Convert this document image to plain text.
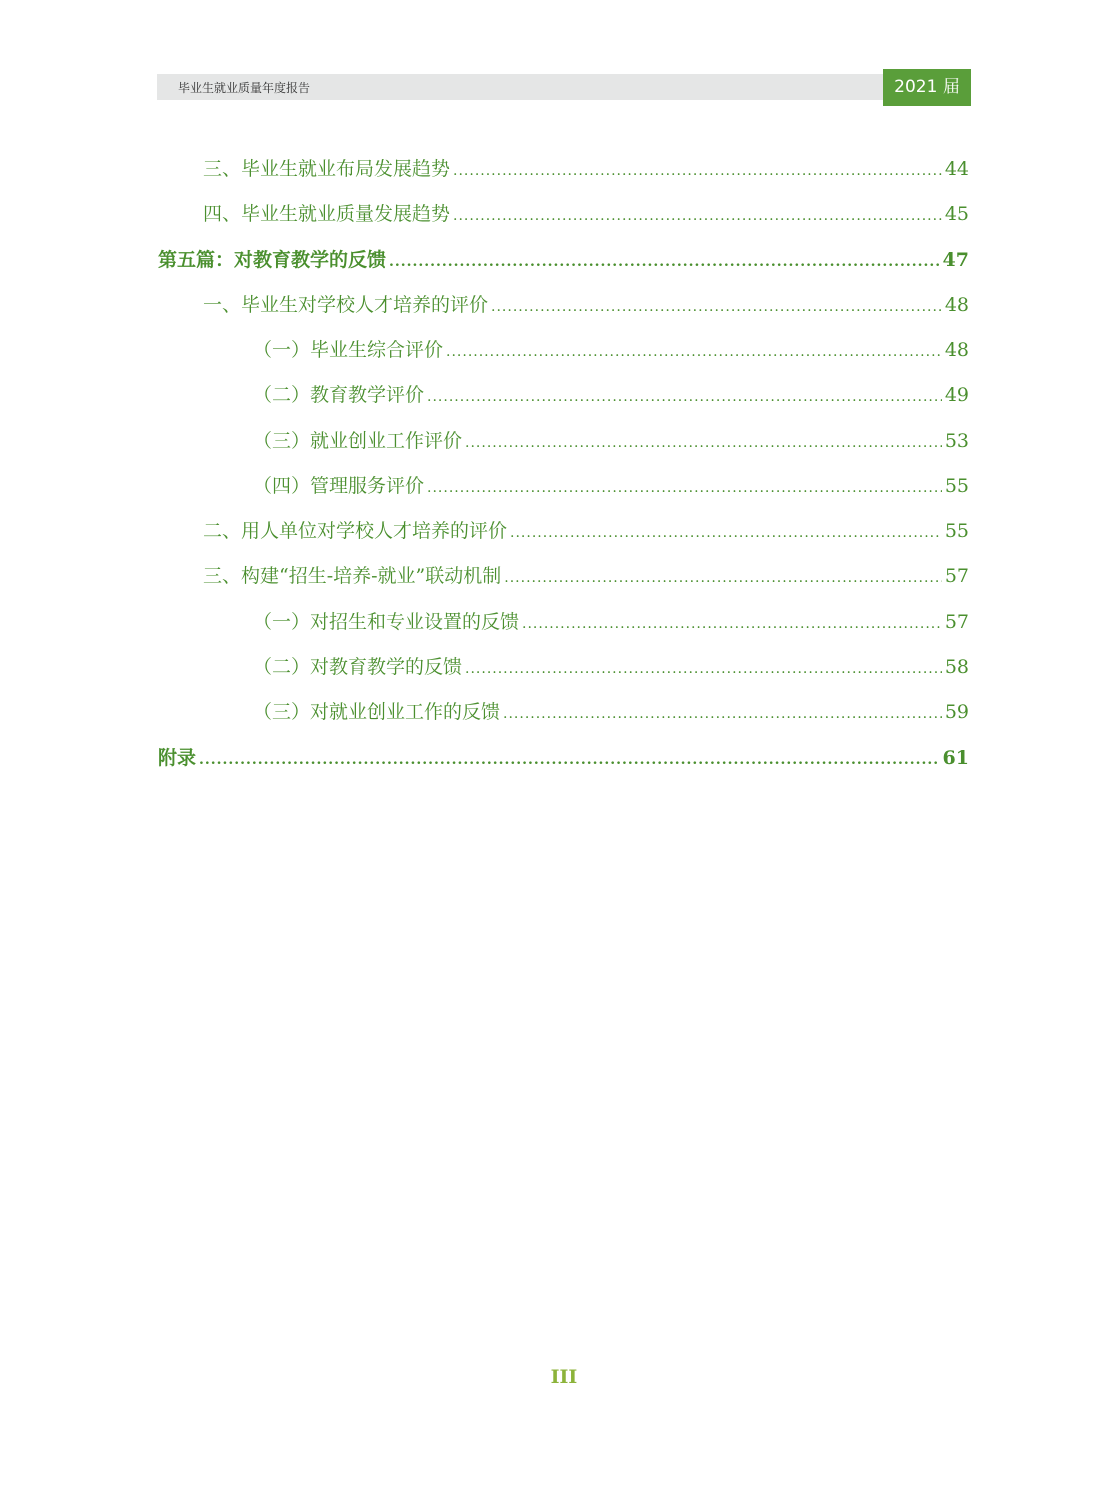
毕业生就业质量年度报告	2021 届
三、毕业生就业布局发展趋势 .....	44
四、毕业生就业质量发展趋势 .....	45
第五篇：对教育教学的反馈 .....	47
一、毕业生对学校人才培养的评价 .....	48
（一）毕业生综合评价 .....	48
（二）教育教学评价 .....	49
（三）就业创业工作评价 .....	53
（四）管理服务评价 .....	55
二、用人单位对学校人才培养的评价 .....	55
三、构建“招生-培养-就业”联动机制 .....	57
（一）对招生和专业设置的反馈 .....	57
（二）对教育教学的反馈 .....	58
（三）对就业创业工作的反馈 .....	59
附录 .....	61
III
